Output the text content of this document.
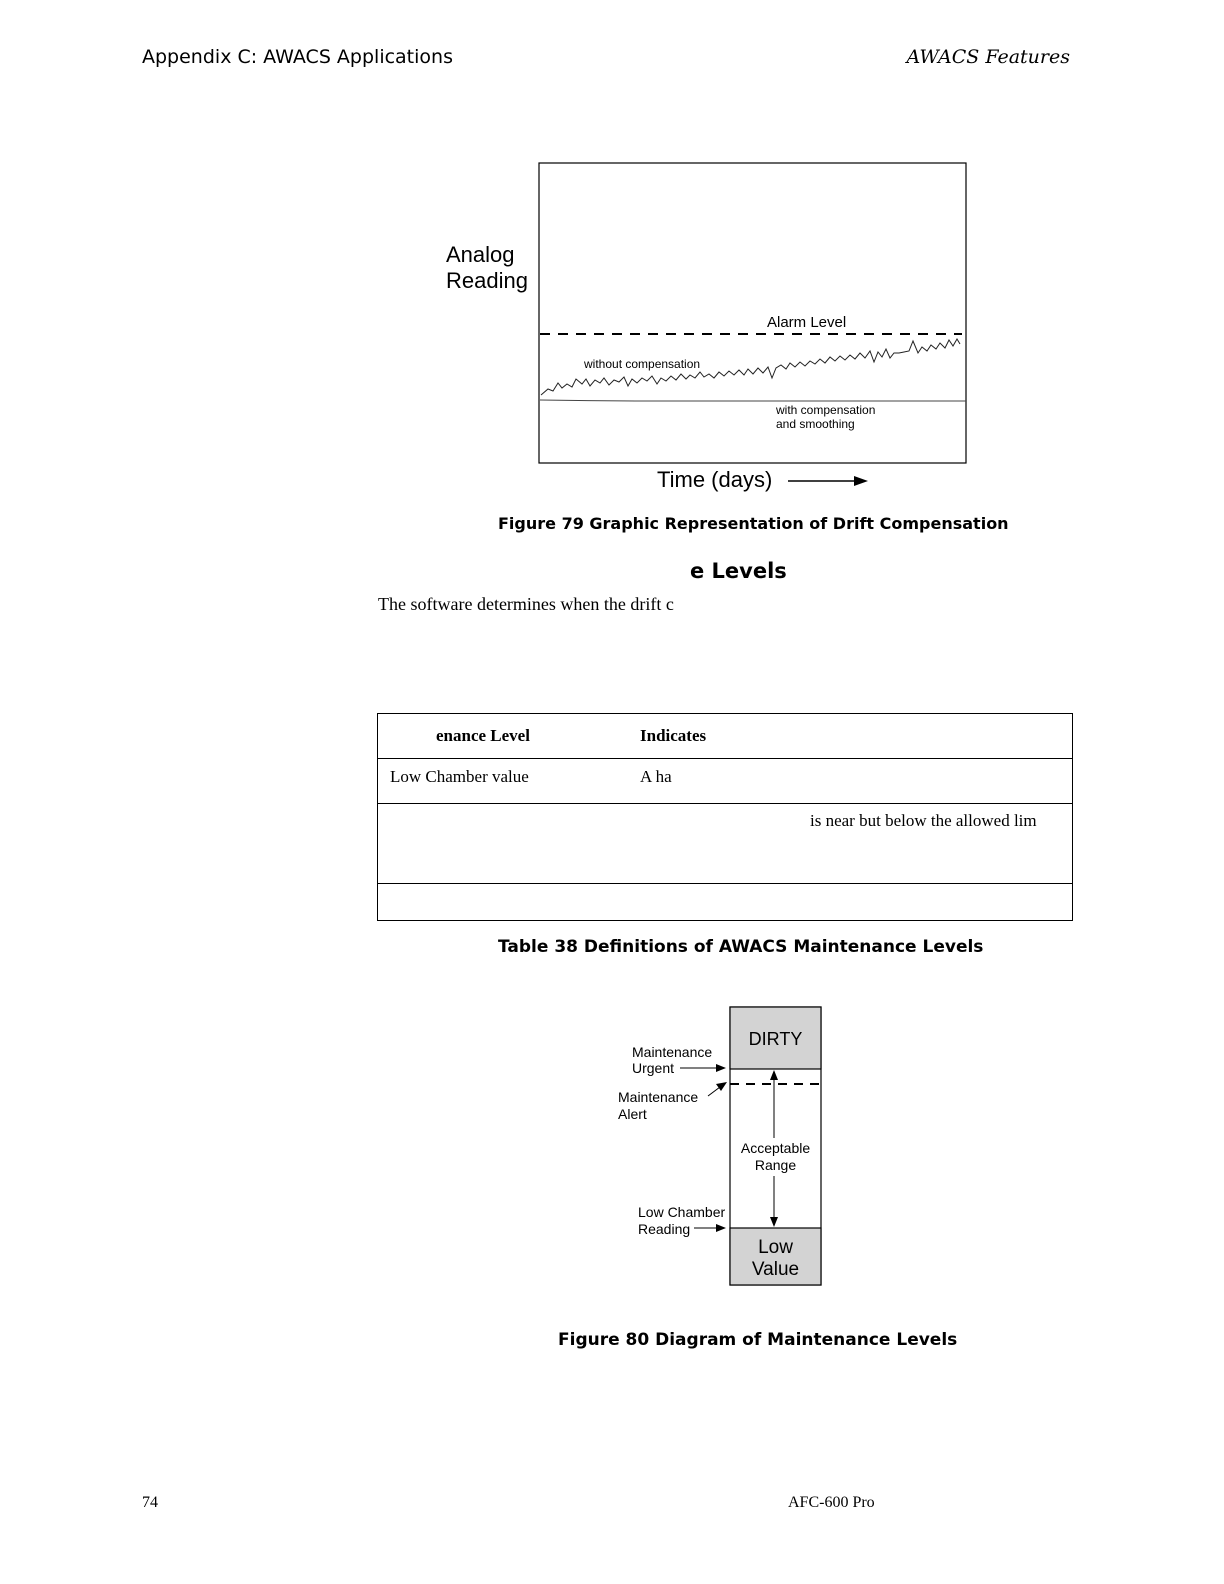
Appendix C: AWACS Applications	AWACS Features
Analog
Reading
Alarm Level
without compensation
with compensation
and smoothing
Time (days)
Figure 79 Graphic Representation of Drift Compensation
e Levels
The software determines when the drift c
enance Level	Indicates
Low Chamber value	A ha
	is near but below the allowed lim

Table 38 Definitions of AWACS Maintenance Levels
DIRTY
Low
Value
Acceptable
Range
Maintenance
Urgent
Maintenance
Alert
Low Chamber
Reading
Figure 80 Diagram of Maintenance Levels
74	AFC-600 Pro
